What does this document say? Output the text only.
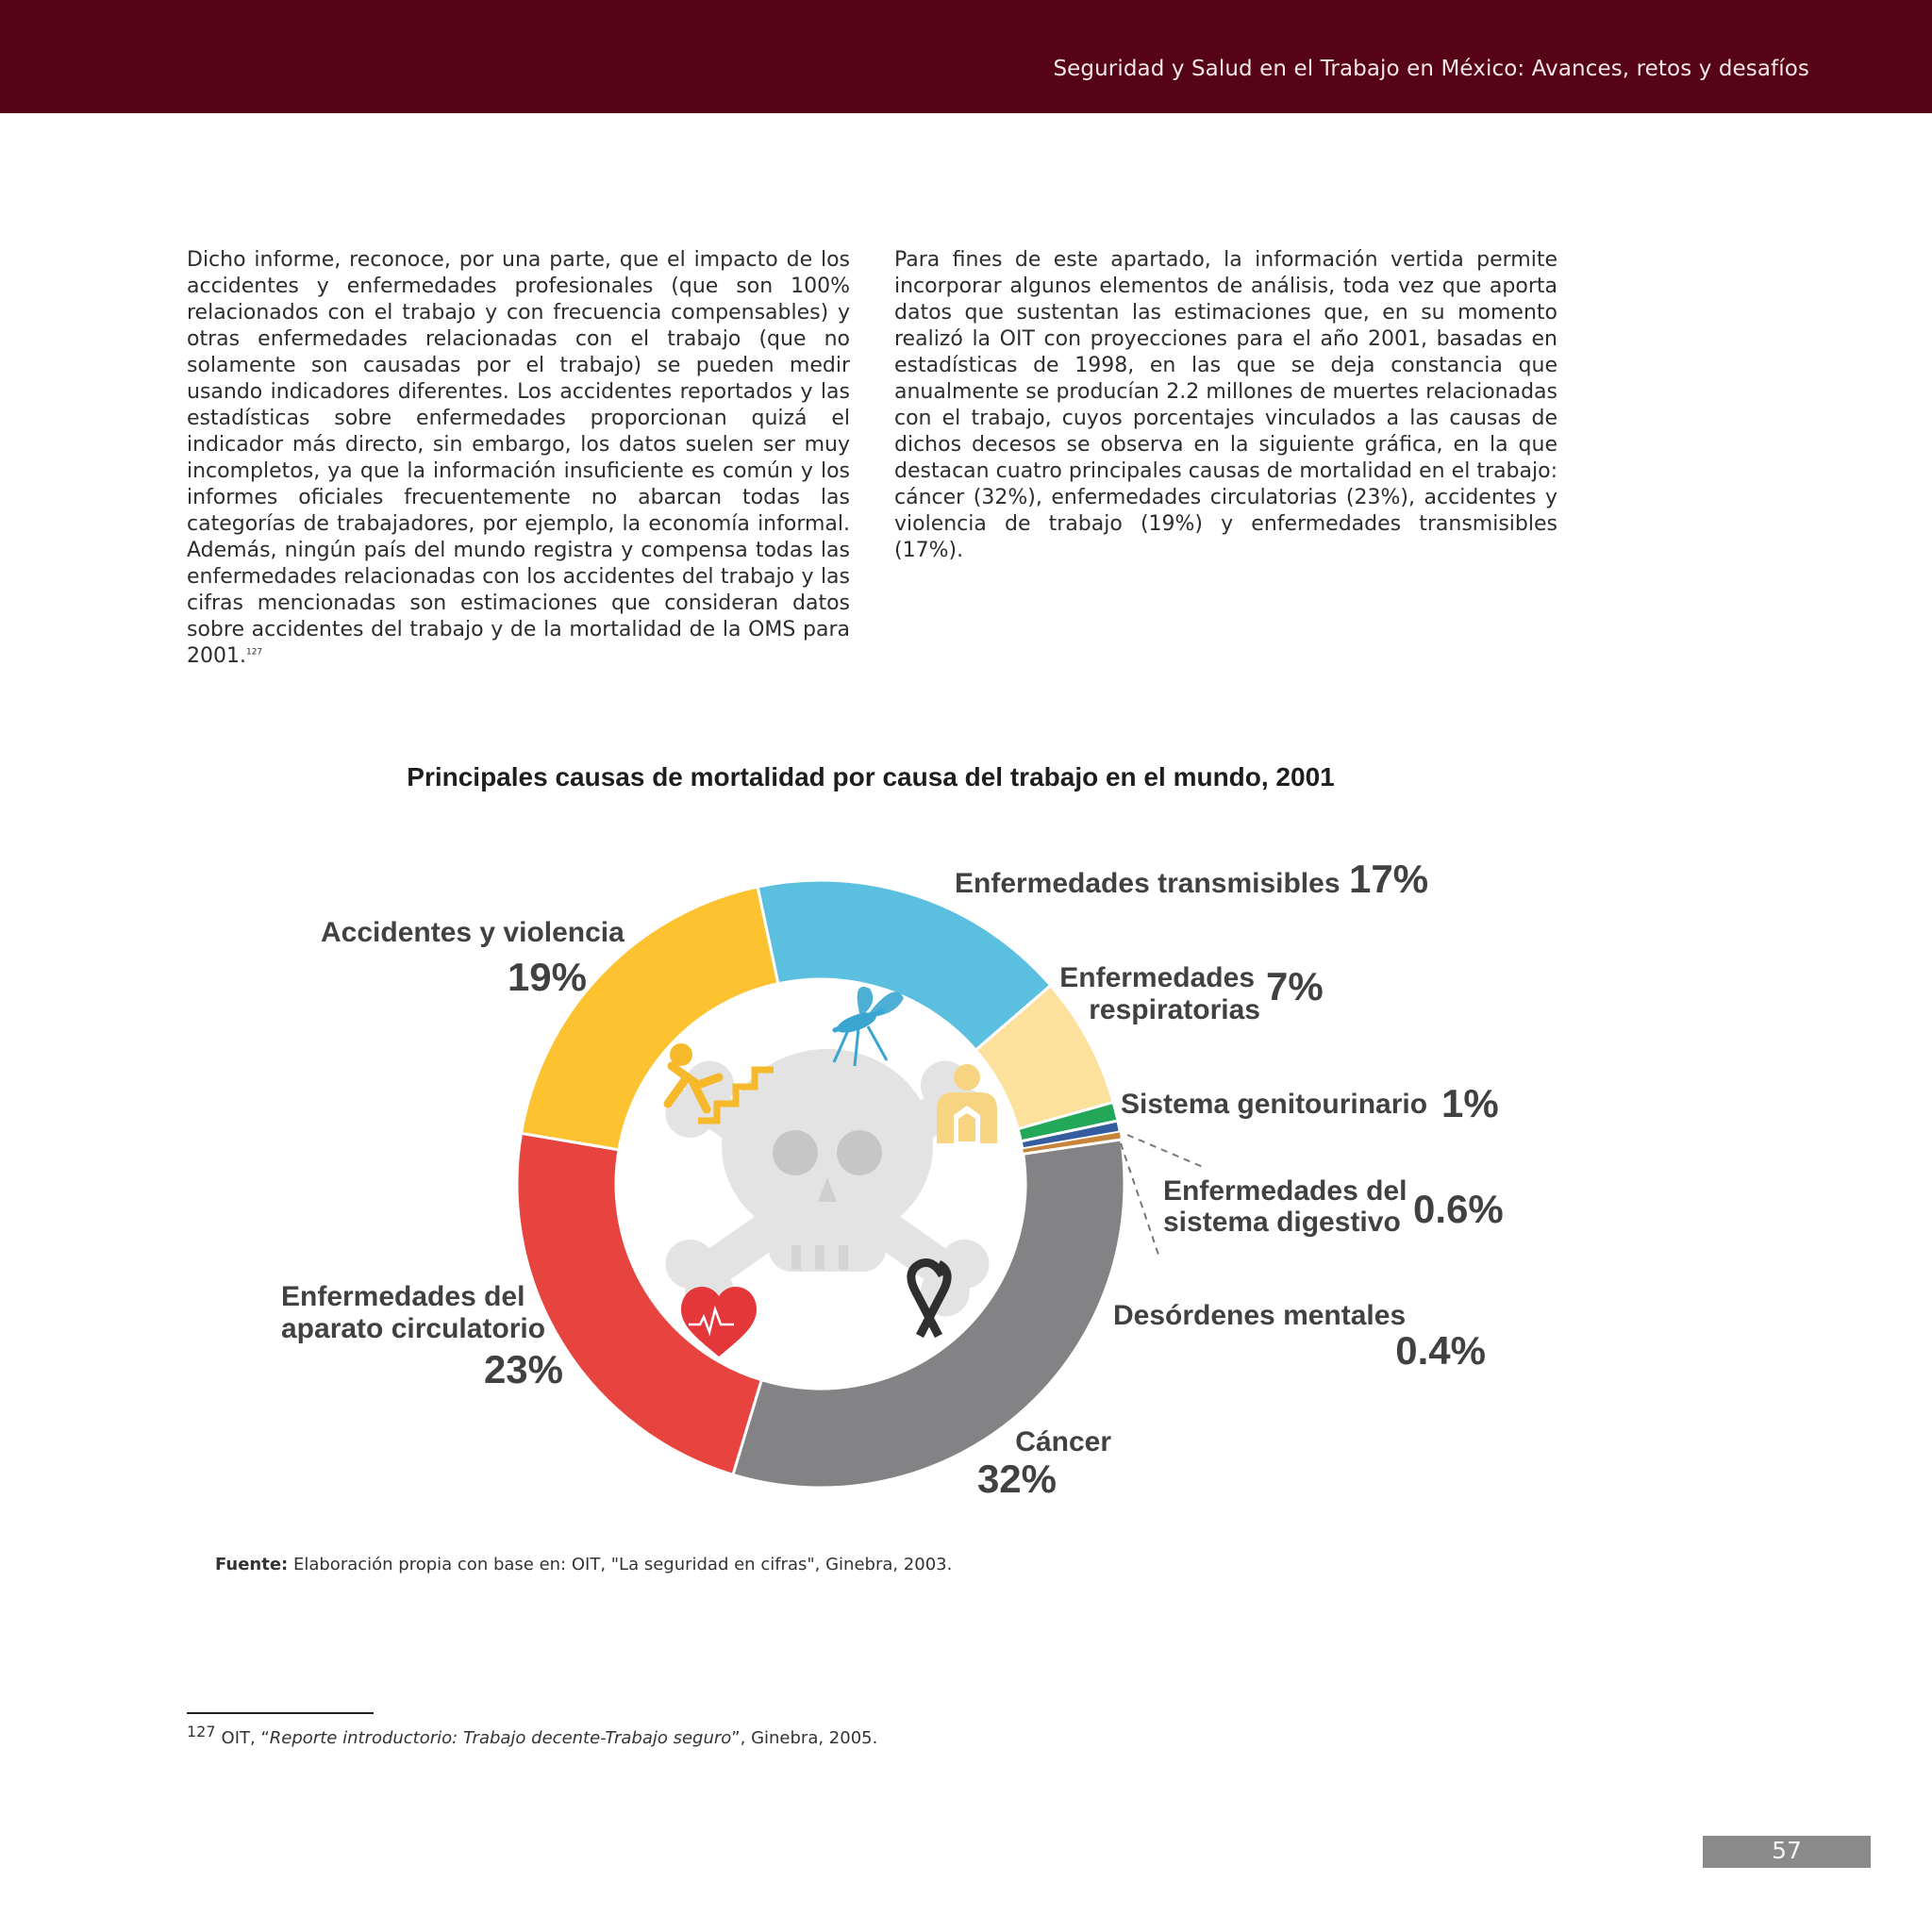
Seguridad y Salud en el Trabajo en México: Avances, retos y desafíos

Dicho informe, reconoce, por una parte, que el impacto de los accidentes y enfermedades profesionales (que son 100% relacionados con el trabajo y con frecuencia compensables) y otras enfermedades relacionadas con el trabajo (que no solamente son causadas por el trabajo) se pueden medir usando indicadores diferentes. Los accidentes reportados y las estadísticas sobre enfermedades proporcionan quizá el indicador más directo, sin embargo, los datos suelen ser muy incompletos, ya que la información insuficiente es común y los informes oficiales frecuentemente no abarcan todas las categorías de trabajadores, por ejemplo, la economía informal. Además, ningún país del mundo registra y compensa todas las enfermedades relacionadas con los accidentes del trabajo y las cifras mencionadas son estimaciones que consideran datos sobre accidentes del trabajo y de la mortalidad de la OMS para 2001.$^{127}$

Para fines de este apartado, la información vertida permite incorporar algunos elementos de análisis, toda vez que aporta datos que sustentan las estimaciones que, en su momento realizó la OIT con proyecciones para el año 2001, basadas en estadísticas de 1998, en las que se deja constancia que anualmente se producían 2.2 millones de muertes relacionadas con el trabajo, cuyos porcentajes vinculados a las causas de dichos decesos se observa en la siguiente gráfica, en la que destacan cuatro principales causas de mortalidad en el trabajo: cáncer (32%), enfermedades circulatorias (23%), accidentes y violencia de trabajo (19%) y enfermedades transmisibles (17%).

Principales causas de mortalidad por causa del trabajo en el mundo, 2001
Enfermedades transmisibles 17%
Enfermedades
respiratorias
7%
Sistema genitourinario 1%
Enfermedades del
sistema digestivo 0.6%
Desórdenes mentales
0.4%
Cáncer
32%
Enfermedades del
aparato circulatorio
23%
Accidentes y violencia
19%
Fuente: Elaboración propia con base en: OIT, "La seguridad en cifras", Ginebra, 2003.
127 OIT, “Reporte introductorio: Trabajo decente-Trabajo seguro”, Ginebra, 2005.
57
